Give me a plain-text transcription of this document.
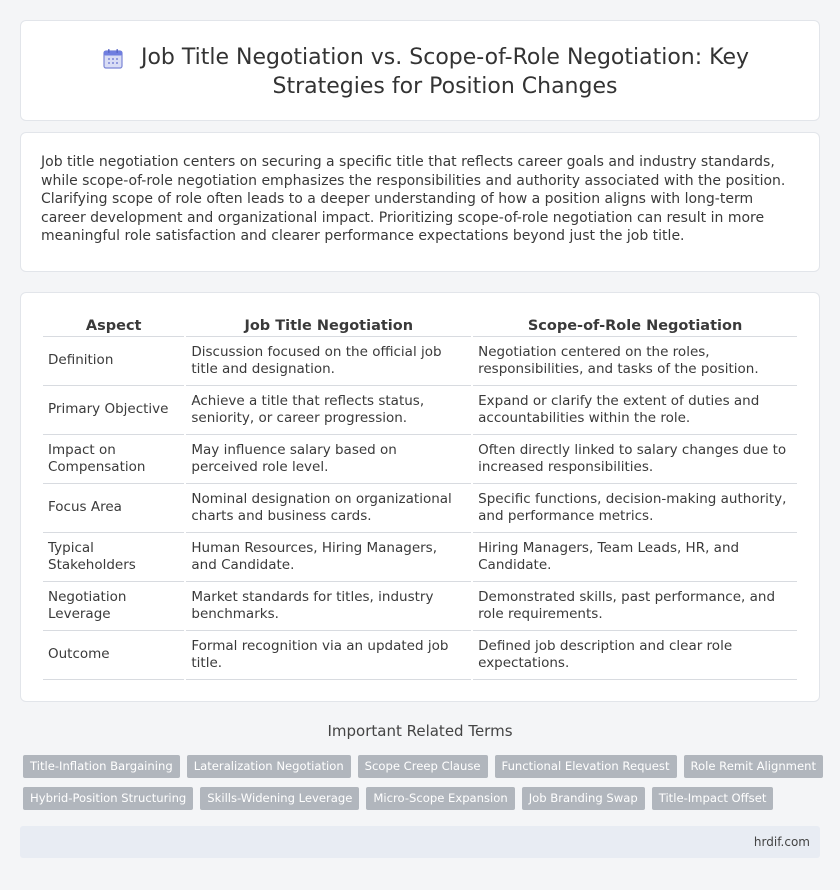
Job Title Negotiation vs. Scope-of-Role Negotiation: Key Strategies for Position Changes

Job title negotiation centers on securing a specific title that reflects career goals and industry standards, while scope-of-role negotiation emphasizes the responsibilities and authority associated with the position. Clarifying scope of role often leads to a deeper understanding of how a position aligns with long-term career development and organizational impact. Prioritizing scope-of-role negotiation can result in more meaningful role satisfaction and clearer performance expectations beyond just the job title.

Aspect	Job Title Negotiation	Scope-of-Role Negotiation
Definition	Discussion focused on the official job title and designation.	Negotiation centered on the roles, responsibilities, and tasks of the position.
Primary Objective	Achieve a title that reflects status, seniority, or career progression.	Expand or clarify the extent of duties and accountabilities within the role.
Impact on Compensation	May influence salary based on perceived role level.	Often directly linked to salary changes due to increased responsibilities.
Focus Area	Nominal designation on organizational charts and business cards.	Specific functions, decision-making authority, and performance metrics.
Typical Stakeholders	Human Resources, Hiring Managers, and Candidate.	Hiring Managers, Team Leads, HR, and Candidate.
Negotiation Leverage	Market standards for titles, industry benchmarks.	Demonstrated skills, past performance, and role requirements.
Outcome	Formal recognition via an updated job title.	Defined job description and clear role expectations.
Important Related Terms
Title-Inflation Bargaining	Lateralization Negotiation	Scope Creep Clause	Functional Elevation Request	Role Remit Alignment
Hybrid-Position Structuring	Skills-Widening Leverage	Micro-Scope Expansion	Job Branding Swap	Title-Impact Offset
hrdif.com
